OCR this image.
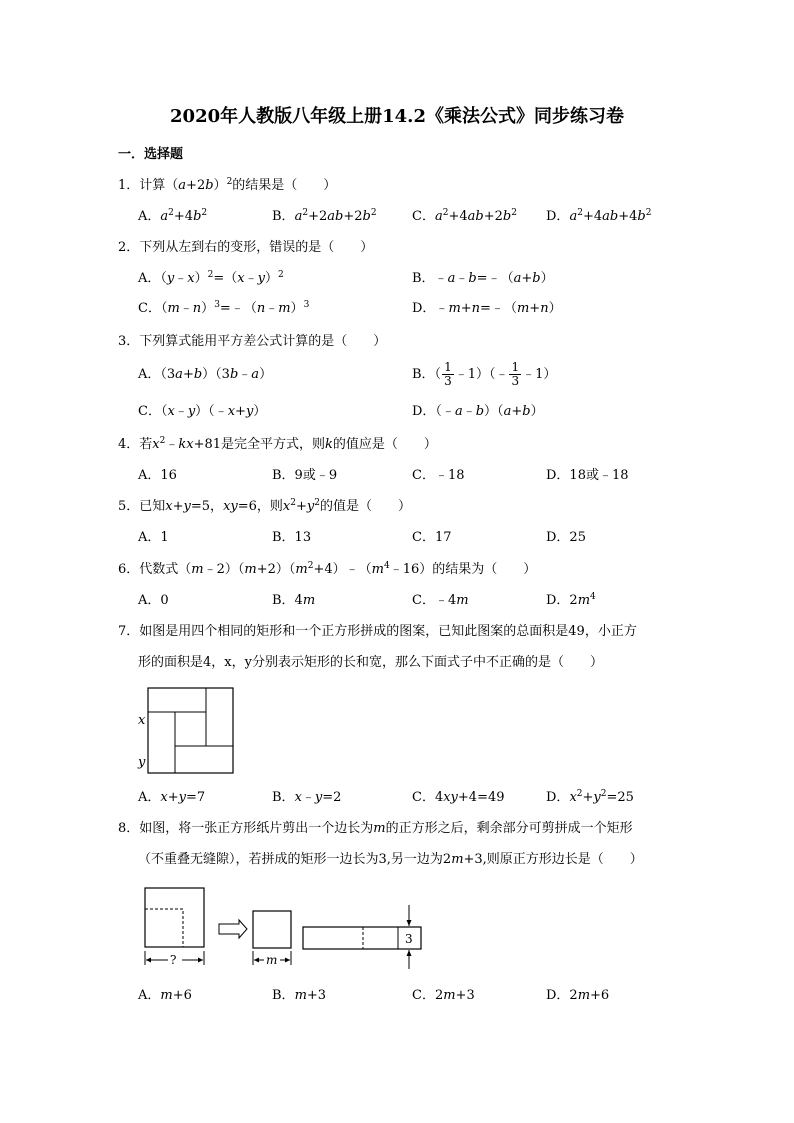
2020年人教版八年级上册14.2《乘法公式》同步练习卷
一．选择题
1．计算$(a+2b)^2$的结果是（　　）
A．$a^2+4b^2$	B．$a^2+2ab+2b^2$	C．$a^2+4ab+2b^2$ D．$a^2+4ab+4b^2$
2．下列从左到右的变形，错误的是（　　）
A．（y﹣x）$^2$=（x﹣y）$^2$	B．﹣a﹣b=﹣（a+b）
C．（m﹣n）$^3$=﹣（n﹣m）$^3$	D．﹣m+n=﹣（m+n）
3．下列算式能用平方差公式计算的是（　　）
A．（3a+b）（3b﹣a）	B．（ $\frac{1}{3}$ ﹣1）（﹣ $\frac{1}{3}$ ﹣1）
C．（x﹣y）（﹣x+y）	D．（﹣a﹣b）（a+b）
4．若$x^2﹣kx+81$是完全平方式，则k的值应是（　　）
A．16	B．9或﹣9	C．﹣18	D．18或﹣18
5．已知x+y=5，xy=6，则$x^2+y^2$的值是（　　）
A．1	B．13	C．17	D．25
6．代数式$(m﹣2)(m+2)(m^2+4)﹣(m^4﹣16)$的结果为（　　）
A．0	B．4m	C．﹣4m	D．$2m^4$
7．如图是用四个相同的矩形和一个正方形拼成的图案，已知此图案的总面积是49，小正方
形的面积是4，x，y分别表示矩形的长和宽，那么下面式子中不正确的是（　　）
x
y
A．x+y=7	B．x﹣y=2	C．4xy+4=49	D．$x^2+y^2=25$
8．如图，将一张正方形纸片剪出一个边长为m的正方形之后，剩余部分可剪拼成一个矩形
（不重叠无缝隙），若拼成的矩形一边长为3,另一边为2m+3,则原正方形边长是（　　）
?	m
3
A．m+6	B．m+3	C．2m+3	D．2m+6
